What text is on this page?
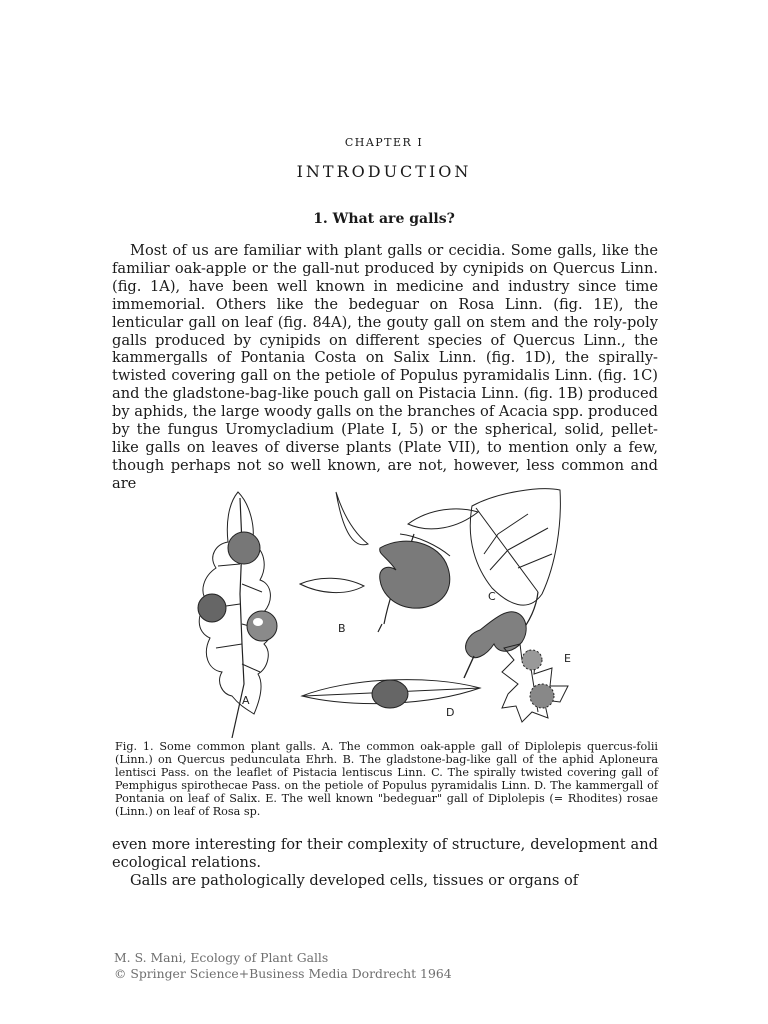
CHAPTER I
INTRODUCTION
1. What are galls?

Most of us are familiar with plant galls or cecidia. Some galls, like the familiar oak-apple or the gall-nut produced by cynipids on Quercus Linn. (fig. 1A), have been well known in medicine and industry since time immemorial. Others like the bedeguar on Rosa Linn. (fig. 1E), the lenticular gall on leaf (fig. 84A), the gouty gall on stem and the roly-poly galls produced by cynipids on different species of Quercus Linn., the kammergalls of Pontania Costa on Salix Linn. (fig. 1D), the spirally-twisted covering gall on the petiole of Populus pyramidalis Linn. (fig. 1C) and the gladstone-bag-like pouch gall on Pistacia Linn. (fig. 1B) produced by aphids, the large woody galls on the branches of Acacia spp. produced by the fungus Uromycladium (Plate I, 5) or the spherical, solid, pellet-like galls on leaves of diverse plants (Plate VII), to mention only a few, though perhaps not so well known, are not, however, less common and are

A
B
C
D
E

Fig. 1. Some common plant galls. A. The common oak-apple gall of Diplolepis quercus-folii (Linn.) on Quercus pedunculata Ehrh. B. The gladstone-bag-like gall of the aphid Aploneura lentisci Pass. on the leaflet of Pistacia lentiscus Linn. C. The spirally twisted covering gall of Pemphigus spirothecae Pass. on the petiole of Populus pyramidalis Linn. D. The kammergall of Pontania on leaf of Salix. E. The well known "bedeguar" gall of Diplolepis (= Rhodites) rosae (Linn.) on leaf of Rosa sp.

even more interesting for their complexity of structure, development and ecological relations.

Galls are pathologically developed cells, tissues or organs of

M. S. Mani, Ecology of Plant Galls
© Springer Science+Business Media Dordrecht 1964
